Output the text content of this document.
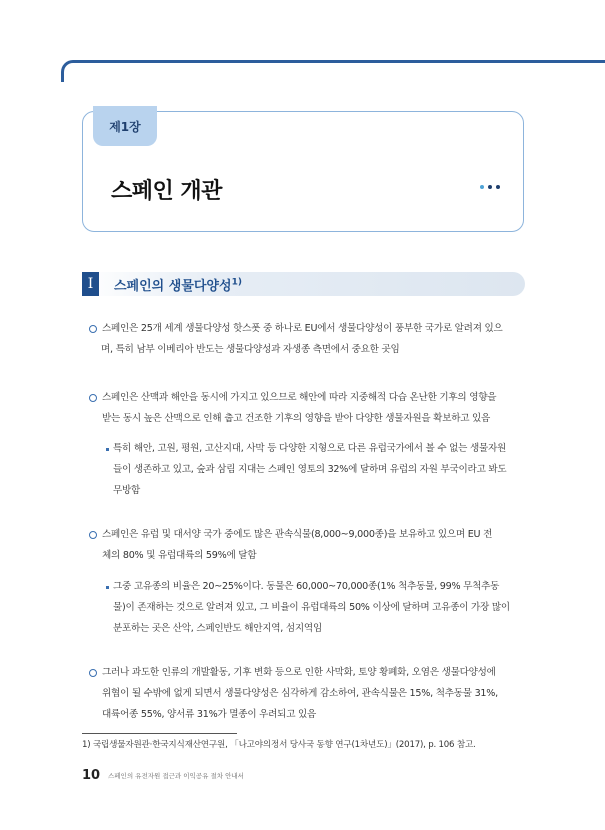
제1장
스페인 개관
I	스페인의 생물다양성$^{1)}$
스페인은 25개 세계 생물다양성 핫스폿 중 하나로 EU에서 생물다양성이 풍부한 국가로 알려져 있으
며, 특히 남부 이베리아 반도는 생물다양성과 자생종 측면에서 중요한 곳임
스페인은 산맥과 해안을 동시에 가지고 있으므로 해안에 따라 지중해적 다습 온난한 기후의 영향을
받는 동시 높은 산맥으로 인해 춥고 건조한 기후의 영향을 받아 다양한 생물자원을 확보하고 있음
특히 해안, 고원, 평원, 고산지대, 사막 등 다양한 지형으로 다른 유럽국가에서 볼 수 없는 생물자원
들이 생존하고 있고, 숲과 삼림 지대는 스페인 영토의 32%에 달하며 유럽의 자원 부국이라고 봐도
무방함
스페인은 유럽 및 대서양 국가 중에도 많은 관속식물(8,000~9,000종)을 보유하고 있으며 EU 전
체의 80% 및 유럽대륙의 59%에 달함
그중 고유종의 비율은 20~25%이다. 동물은 60,000~70,000종(1% 척추동물, 99% 무척추동
물)이 존재하는 것으로 알려져 있고, 그 비율이 유럽대륙의 50% 이상에 달하며 고유종이 가장 많이
분포하는 곳은 산악, 스페인반도 해안지역, 섬지역임
그러나 과도한 인류의 개발활동, 기후 변화 등으로 인한 사막화, 토양 황폐화, 오염은 생물다양성에
위협이 될 수밖에 없게 되면서 생물다양성은 심각하게 감소하여, 관속식물은 15%, 척추동물 31%,
대륙어종 55%, 양서류 31%가 멸종이 우려되고 있음
1) 국립생물자원관·한국지식재산연구원, 「나고야의정서 당사국 동향 연구(1차년도)」(2017), p. 106 참고.
10 스페인의 유전자원 접근과 이익공유 절차 안내서
